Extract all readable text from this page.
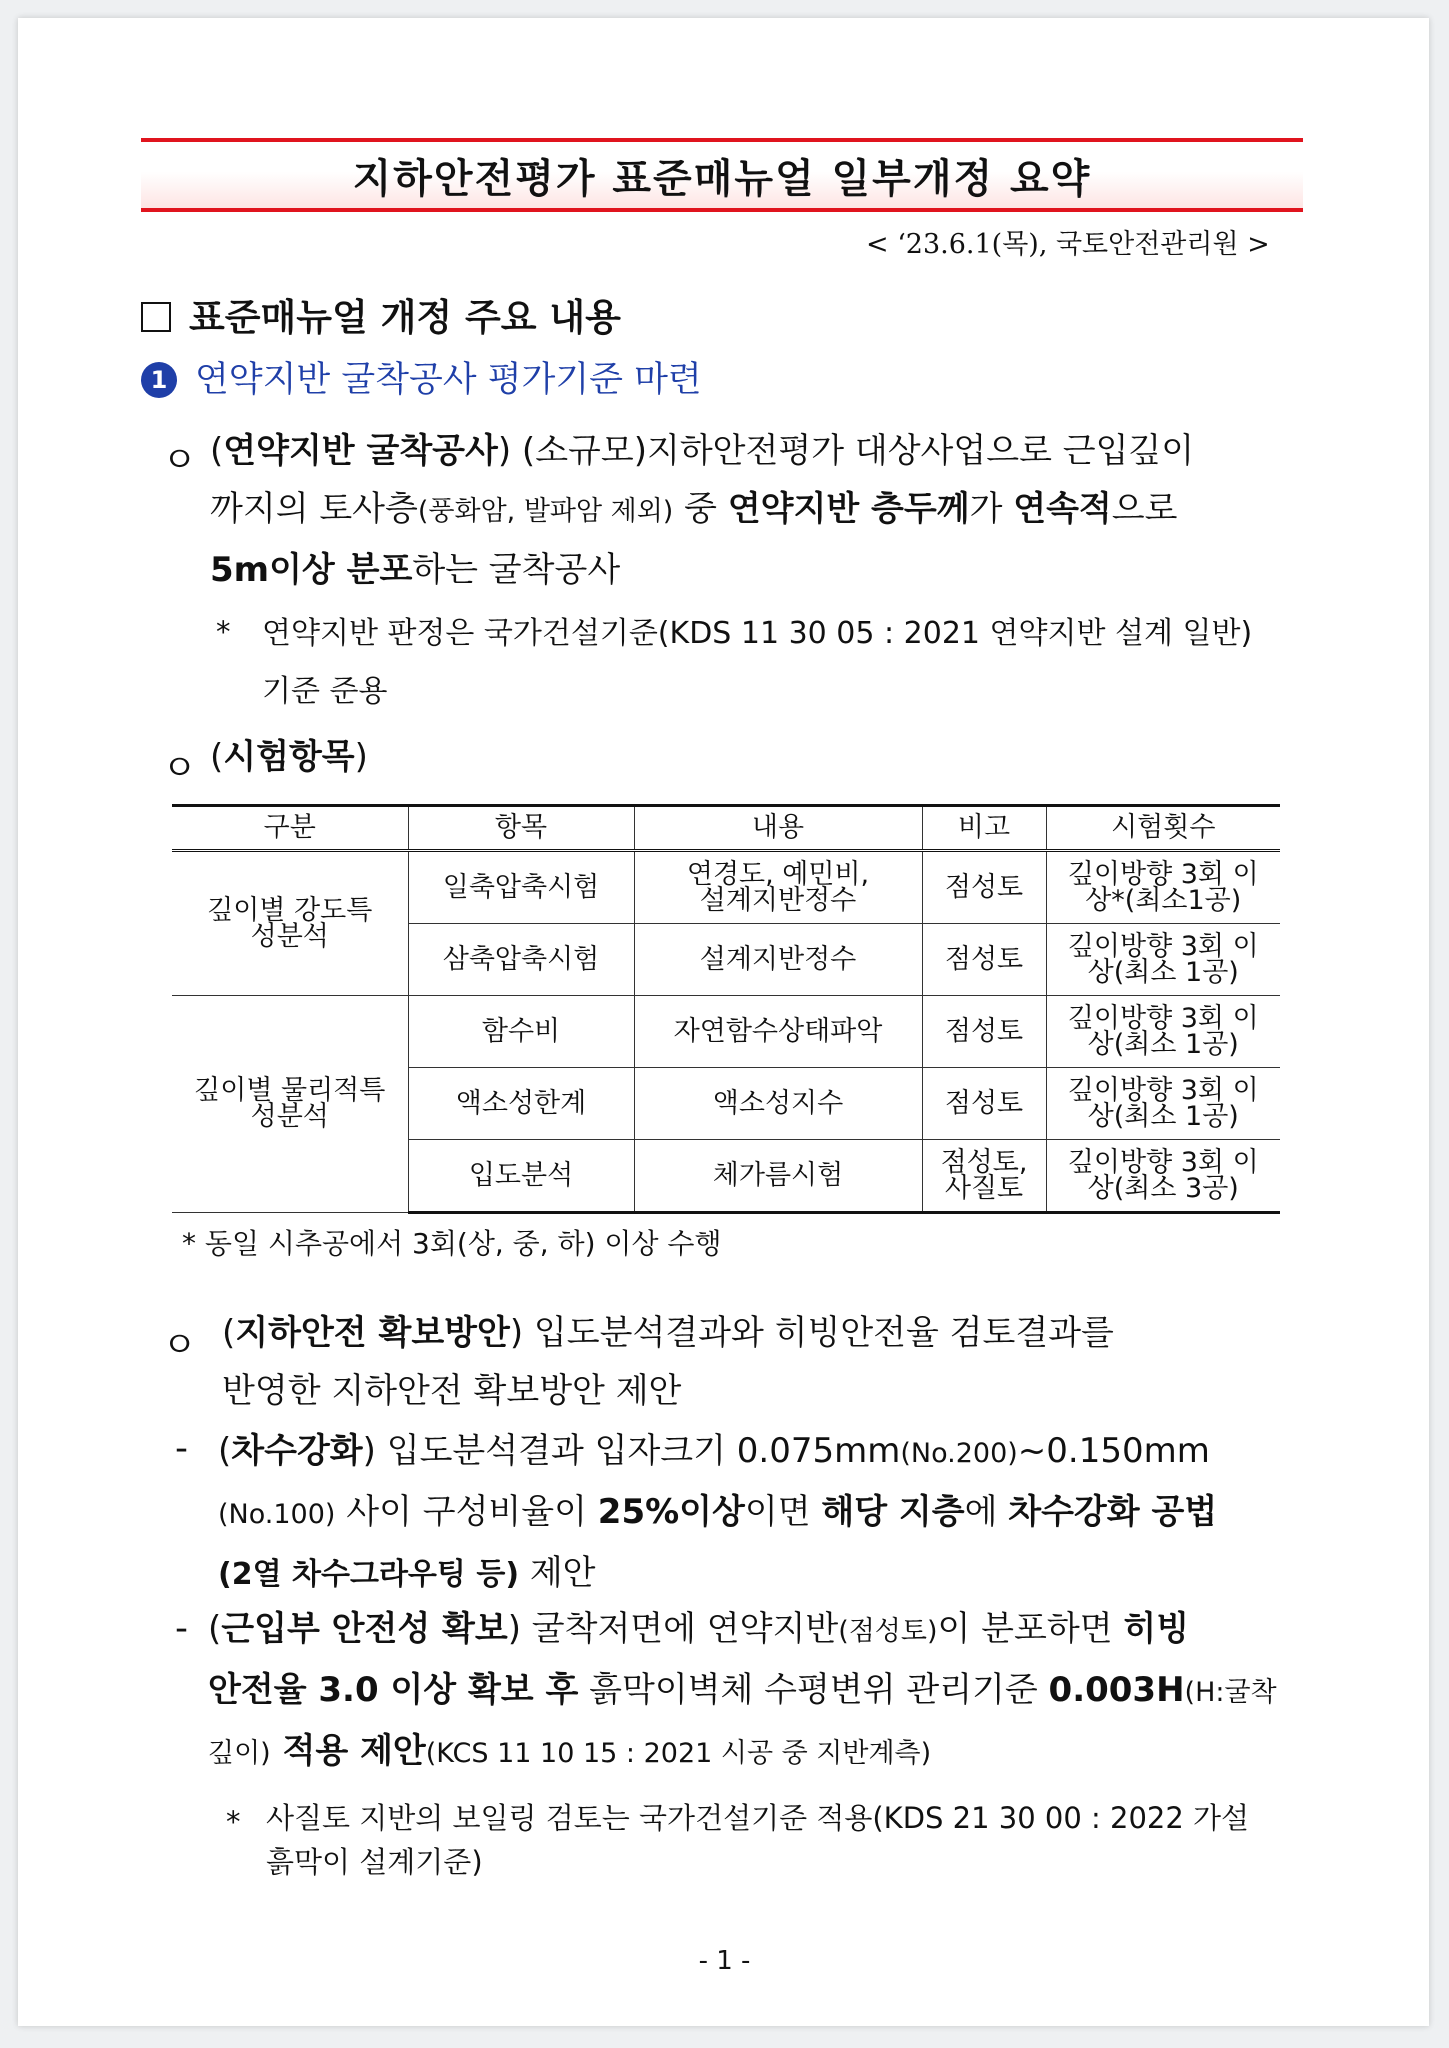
지하안전평가 표준매뉴얼 일부개정 요약
< ‘23.6.1(목), 국토안전관리원 >
표준매뉴얼 개정 주요 내용
1 연약지반 굴착공사 평가기준 마련
ㅇ (연약지반 굴착공사) (소규모)지하안전평가 대상사업으로 근입깊이
까지의 토사층(풍화암, 발파암 제외) 중 연약지반 층두께가 연속적으로
5m이상 분포하는 굴착공사
* 연약지반 판정은 국가건설기준(KDS 11 30 05 : 2021 연약지반 설계 일반)
기준 준용
ㅇ (시험항목)
구분	항목	내용	비고	시험횟수
깊이별 강도특성분석	일축압축시험	연경도, 예민비, 설계지반정수	점성토	깊이방향 3회 이상*(최소1공)
	삼축압축시험	설계지반정수	점성토	깊이방향 3회 이상(최소 1공)
깊이별 물리적특성분석	함수비	자연함수상태파악	점성토	깊이방향 3회 이상(최소 1공)
	액소성한계	액소성지수	점성토	깊이방향 3회 이상(최소 1공)
	입도분석	체가름시험	점성토, 사질토	깊이방향 3회 이상(최소 3공)
* 동일 시추공에서 3회(상, 중, 하) 이상 수행
ㅇ (지하안전 확보방안) 입도분석결과와 히빙안전율 검토결과를
반영한 지하안전 확보방안 제안
- (차수강화) 입도분석결과 입자크기 0.075mm(No.200)~0.150mm
(No.100) 사이 구성비율이 25%이상이면 해당 지층에 차수강화 공법
(2열 차수그라우팅 등) 제안
- (근입부 안전성 확보) 굴착저면에 연약지반(점성토)이 분포하면 히빙
안전율 3.0 이상 확보 후 흙막이벽체 수평변위 관리기준 0.003H(H:굴착
깊이) 적용 제안(KCS 11 10 15 : 2021 시공 중 지반계측)
* 사질토 지반의 보일링 검토는 국가건설기준 적용(KDS 21 30 00 : 2022 가설
흙막이 설계기준)
- 1 -
